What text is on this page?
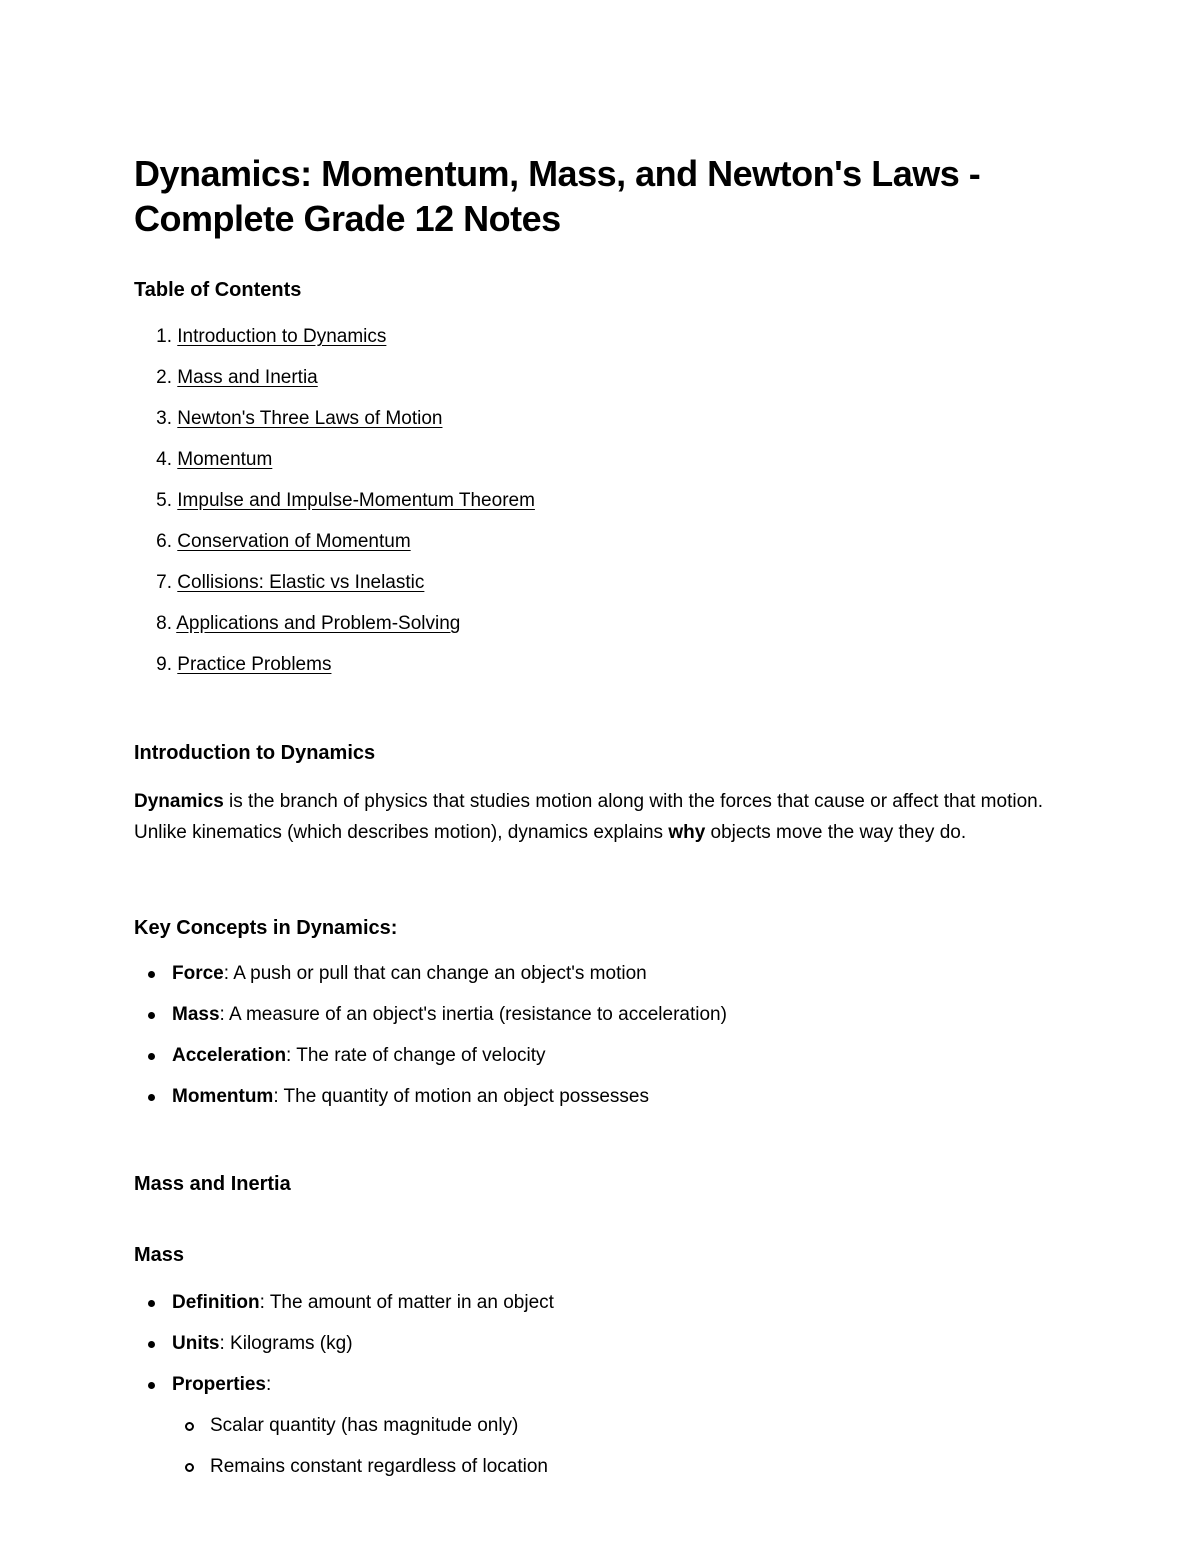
Dynamics: Momentum, Mass, and Newton's Laws - Complete Grade 12 Notes
Table of Contents
1. Introduction to Dynamics
2. Mass and Inertia
3. Newton's Three Laws of Motion
4. Momentum
5. Impulse and Impulse-Momentum Theorem
6. Conservation of Momentum
7. Collisions: Elastic vs Inelastic
8. Applications and Problem-Solving
9. Practice Problems
Introduction to Dynamics

Dynamics is the branch of physics that studies motion along with the forces that cause or affect that motion. Unlike kinematics (which describes motion), dynamics explains why objects move the way they do.

Key Concepts in Dynamics:
Force: A push or pull that can change an object's motion
Mass: A measure of an object's inertia (resistance to acceleration)
Acceleration: The rate of change of velocity
Momentum: The quantity of motion an object possesses
Mass and Inertia
Mass
Definition: The amount of matter in an object
Units: Kilograms (kg)
Properties:
Scalar quantity (has magnitude only)
Remains constant regardless of location
